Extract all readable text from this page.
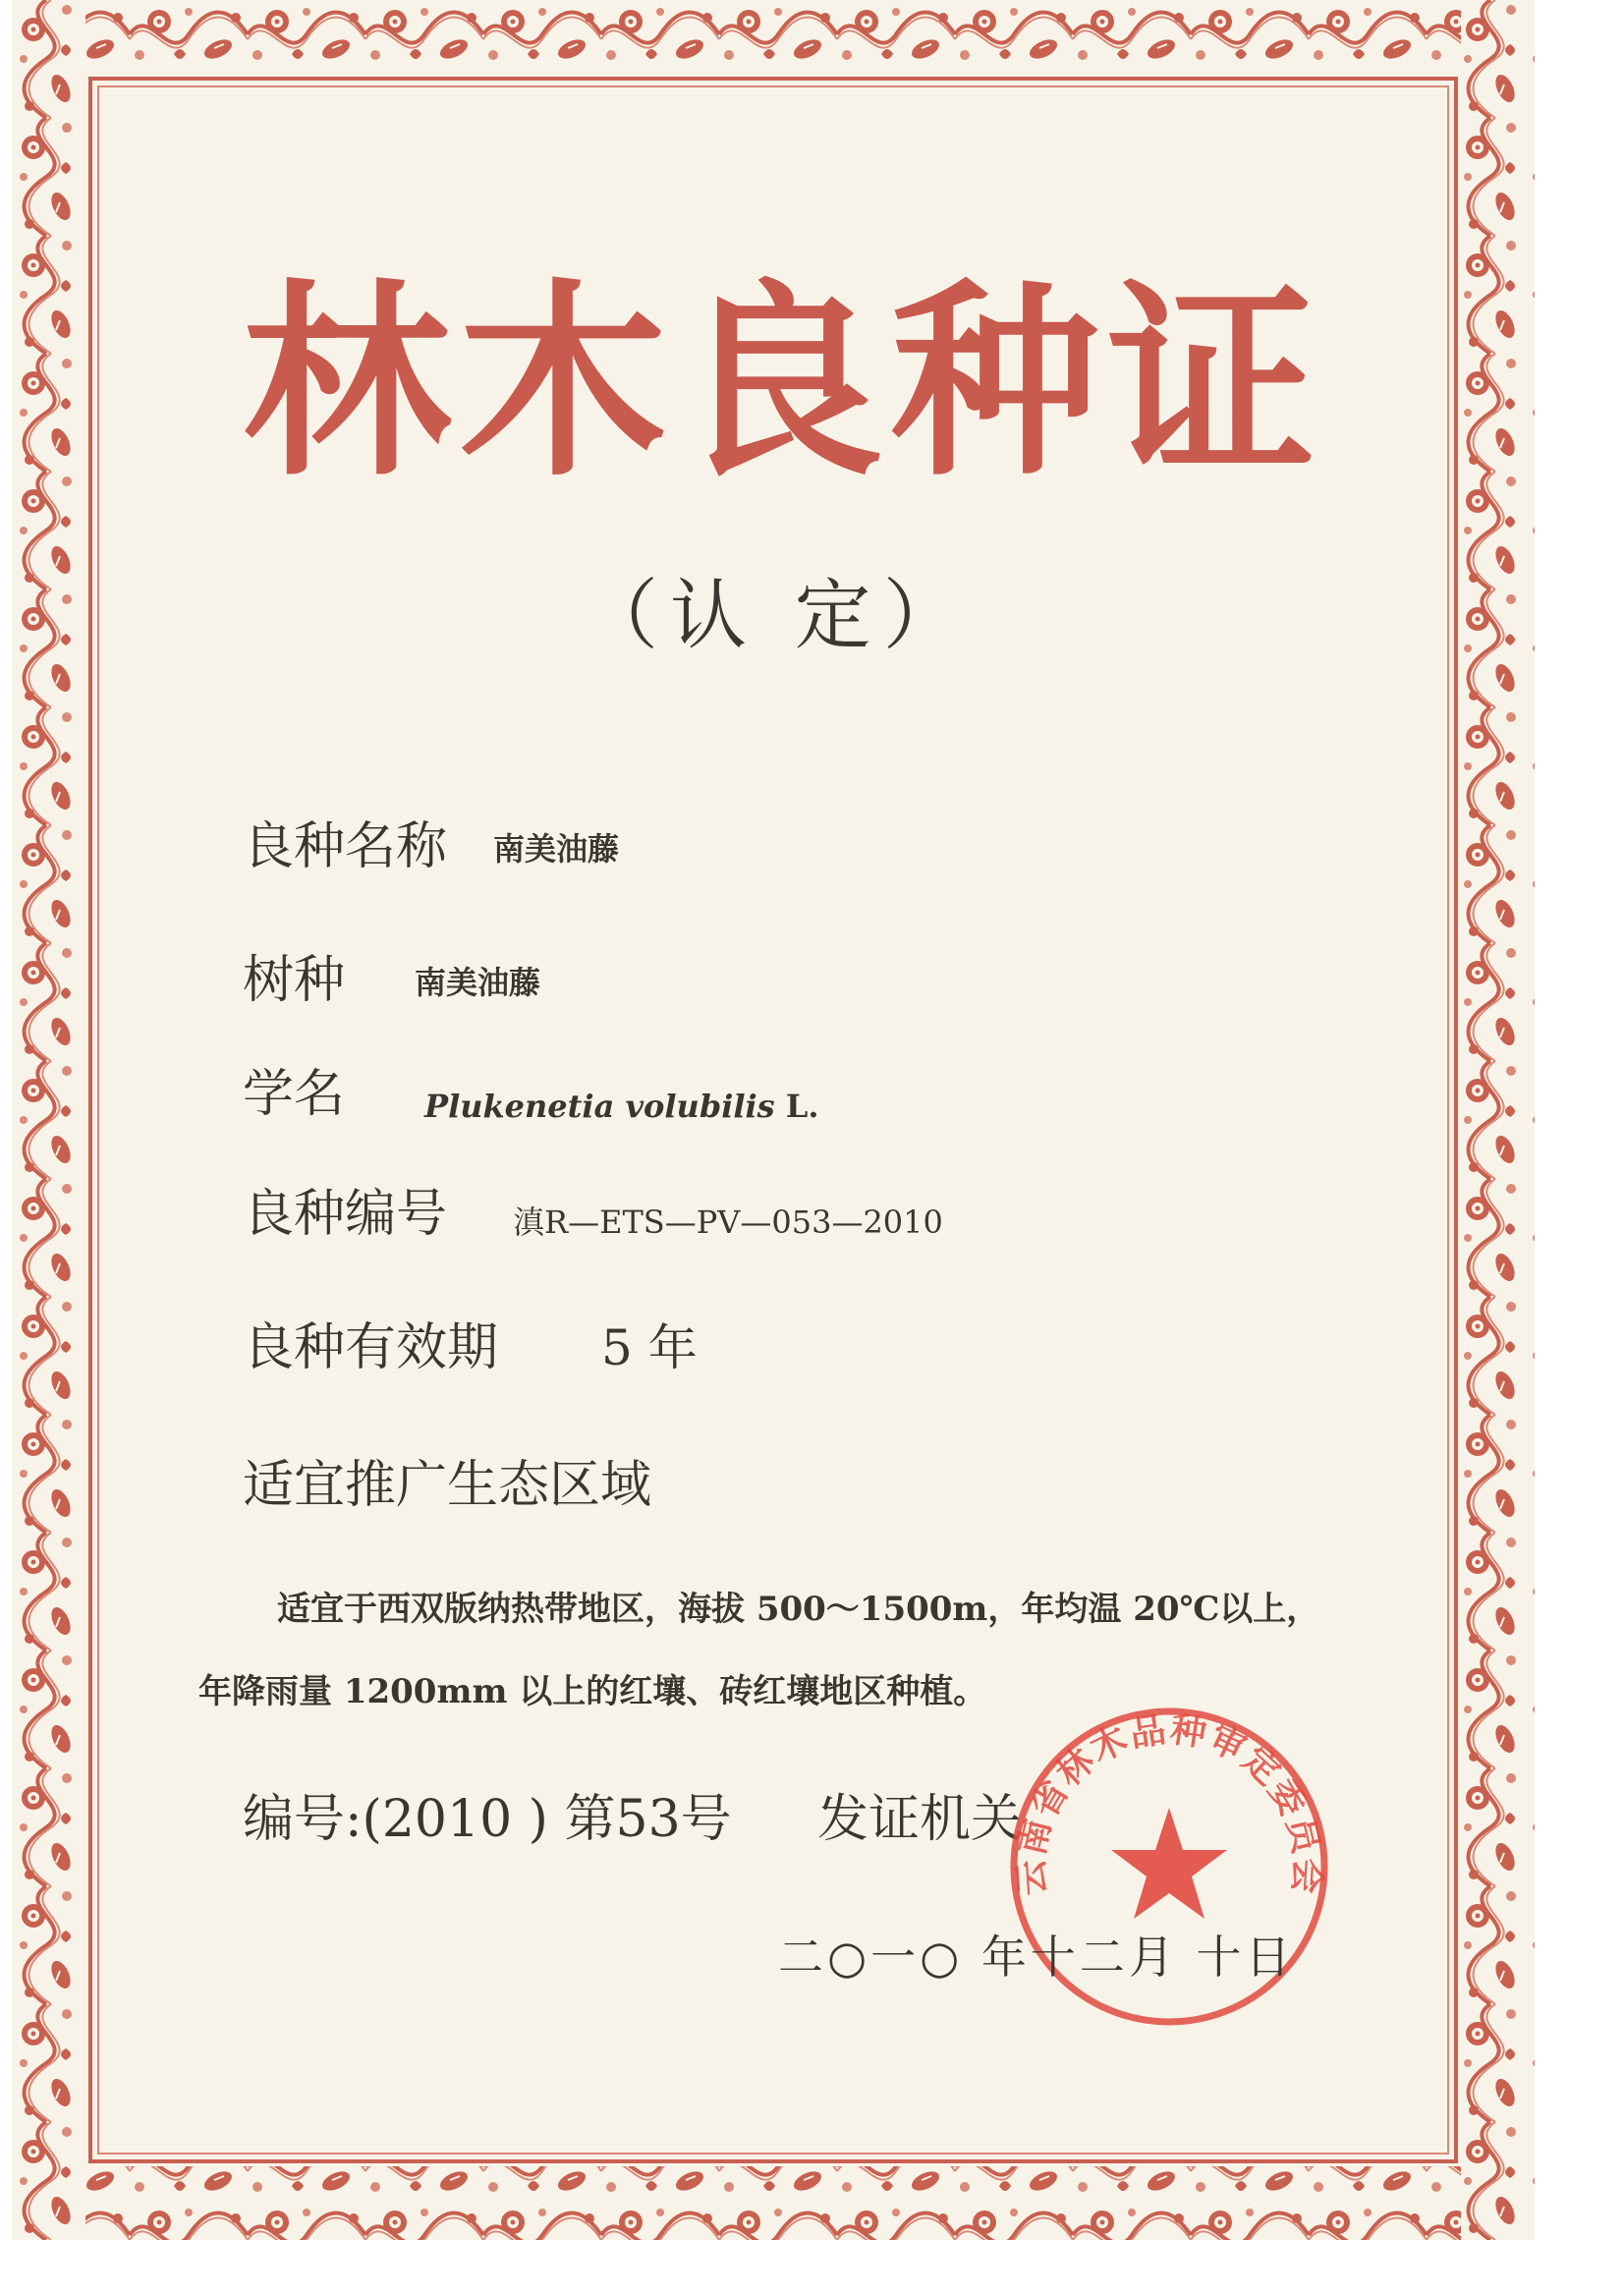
林木良种证
（认 定）
良种名称 南美油藤
树种 南美油藤
学名	Plukenetia volubilis L.
良种编号 滇R—ETS—PV—053—2010
良种有效期 5 年
适宜推广生态区域
适宜于西双版纳热带地区，海拔 500～1500m，年均温 20℃以上，
年降雨量 1200mm 以上的红壤、砖红壤地区种植。
编号:(2010 ) 第53号 发证机关
云南省林木品种审定委员会
二○一○ 年十二月 十日
